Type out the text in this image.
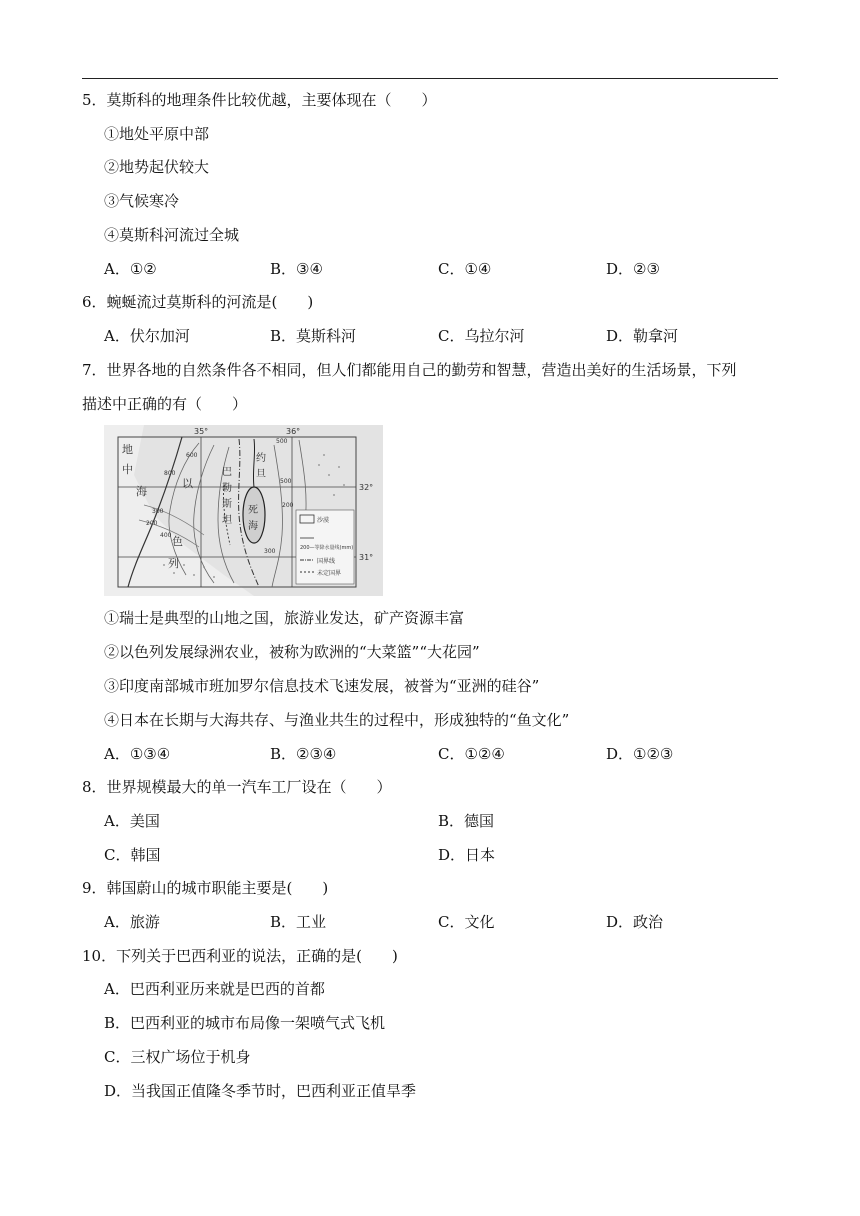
5．莫斯科的地理条件比较优越，主要体现在（　　）
①地处平原中部
②地势起伏较大
③气候寒冷
④莫斯科河流过全城
A．①②	B．③④	C．①④	D．②③
6．蜿蜒流过莫斯科的河流是(　　)
A．伏尔加河	B．莫斯科河	C．乌拉尔河	D．勒拿河
7．世界各地的自然条件各不相同，但人们都能用自己的勤劳和智慧，营造出美好的生活场景，下列
描述中正确的有（　　）
35°	36°
32°
31°
地
中
海
以
色
列
巴
勒
斯
坦
约
旦
死
海
500
600
800
300
200
400
500
200
300
沙漠
200—等降水量线(mm)
国界线
未定国界
①瑞士是典型的山地之国，旅游业发达，矿产资源丰富
②以色列发展绿洲农业，被称为欧洲的“大菜篮”“大花园”
③印度南部城市班加罗尔信息技术飞速发展，被誉为“亚洲的硅谷”
④日本在长期与大海共存、与渔业共生的过程中，形成独特的“鱼文化”
A．①③④	B．②③④	C．①②④	D．①②③
8．世界规模最大的单一汽车工厂设在（　　）
A．美国	B．德国
C．韩国	D．日本
9．韩国蔚山的城市职能主要是(　　)
A．旅游	B．工业	C．文化	D．政治
10．下列关于巴西利亚的说法，正确的是(　　)
A．巴西利亚历来就是巴西的首都
B．巴西利亚的城市布局像一架喷气式飞机
C．三权广场位于机身
D．当我国正值隆冬季节时，巴西利亚正值旱季
